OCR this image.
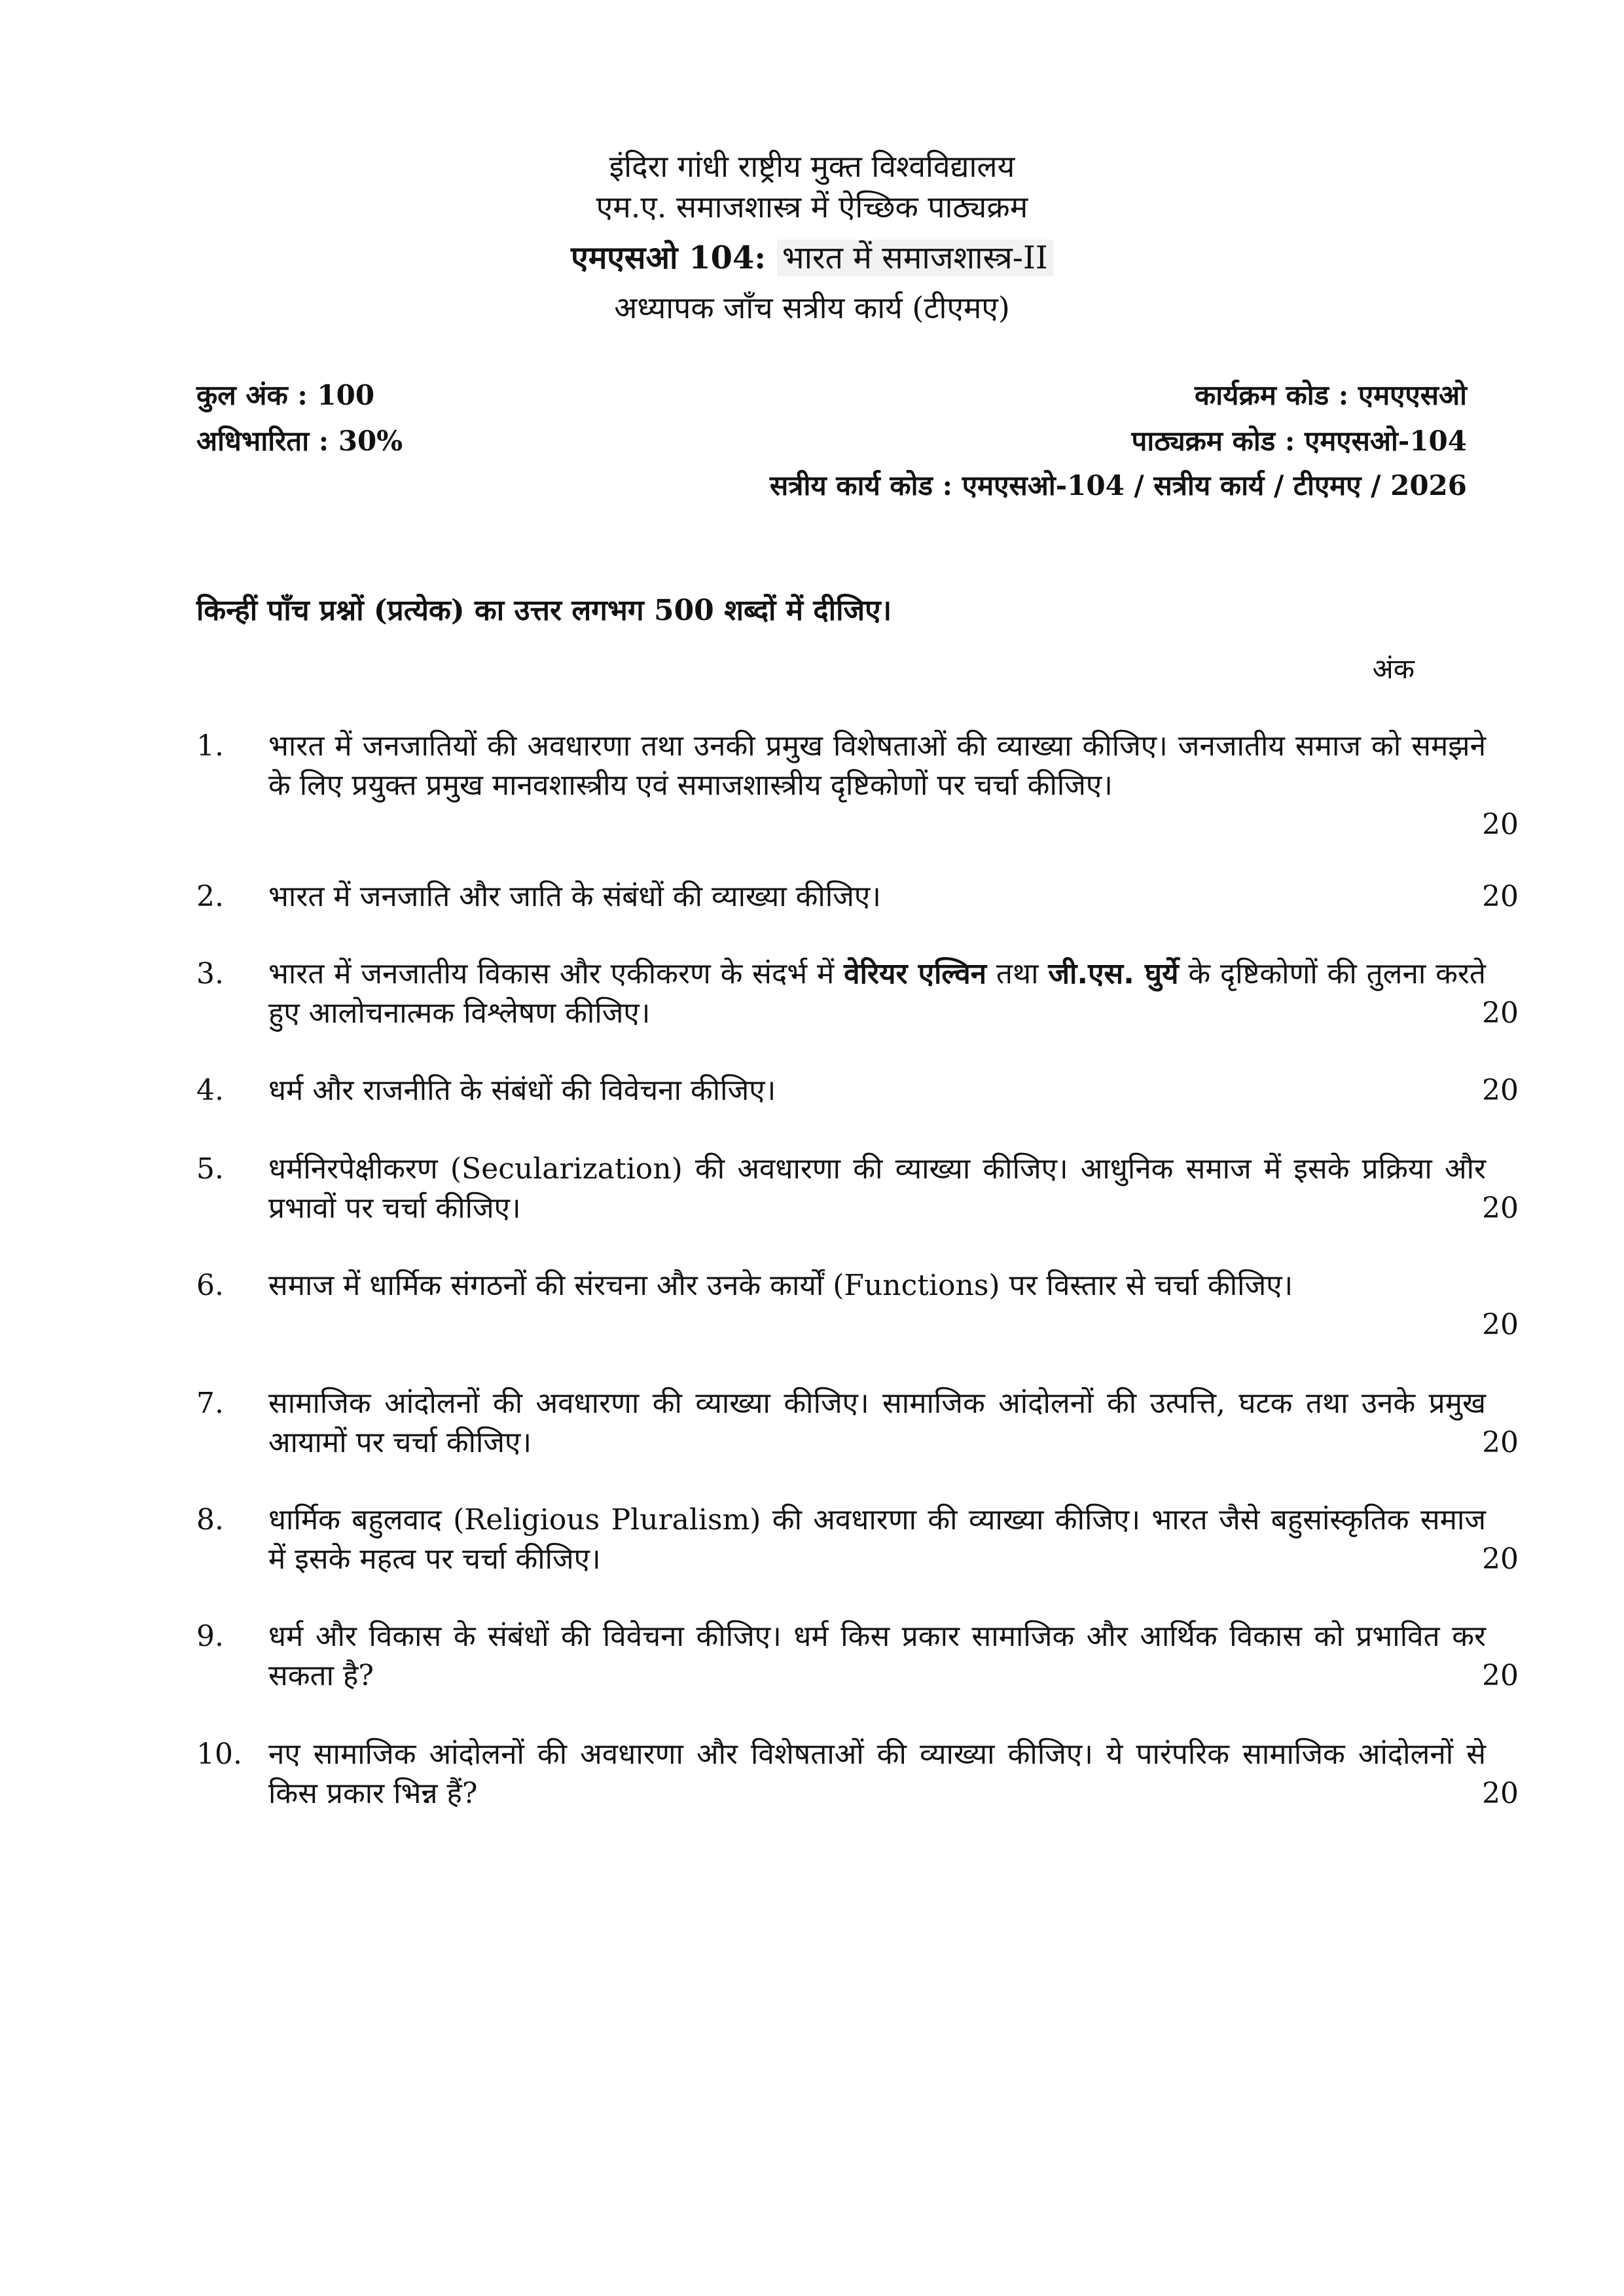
इंदिरा गांधी राष्ट्रीय मुक्त विश्वविद्यालय
एम.ए. समाजशास्त्र में ऐच्छिक पाठ्यक्रम
एमएसओ 104: भारत में समाजशास्त्र-II
अध्यापक जाँच सत्रीय कार्य (टीएमए)
कुल अंक : 100
अधिभारिता : 30%
कार्यक्रम कोड : एमएएसओ
पाठ्यक्रम कोड : एमएसओ-104
सत्रीय कार्य कोड : एमएसओ-104 / सत्रीय कार्य / टीएमए / 2026
किन्हीं पाँच प्रश्नों (प्रत्येक) का उत्तर लगभग 500 शब्दों में दीजिए।
अंक
1. भारत में जनजातियों की अवधारणा तथा उनकी प्रमुख विशेषताओं की व्याख्या कीजिए। जनजातीय समाज को समझने के लिए प्रयुक्त प्रमुख मानवशास्त्रीय एवं समाजशास्त्रीय दृष्टिकोणों पर चर्चा कीजिए।
20
2. भारत में जनजाति और जाति के संबंधों की व्याख्या कीजिए।	20
3. भारत में जनजातीय विकास और एकीकरण के संदर्भ में वेरियर एल्विन तथा जी.एस. घुर्ये के दृष्टिकोणों की तुलना करते हुए आलोचनात्मक विश्लेषण कीजिए।	20
4. धर्म और राजनीति के संबंधों की विवेचना कीजिए।	20
5. धर्मनिरपेक्षीकरण (Secularization) की अवधारणा की व्याख्या कीजिए। आधुनिक समाज में इसके प्रक्रिया और प्रभावों पर चर्चा कीजिए।	20
6. समाज में धार्मिक संगठनों की संरचना और उनके कार्यों (Functions) पर विस्तार से चर्चा कीजिए।
20
7. सामाजिक आंदोलनों की अवधारणा की व्याख्या कीजिए। सामाजिक आंदोलनों की उत्पत्ति, घटक तथा उनके प्रमुख आयामों पर चर्चा कीजिए।	20
8. धार्मिक बहुलवाद (Religious Pluralism) की अवधारणा की व्याख्या कीजिए। भारत जैसे बहुसांस्कृतिक समाज में इसके महत्व पर चर्चा कीजिए।	20
9. धर्म और विकास के संबंधों की विवेचना कीजिए। धर्म किस प्रकार सामाजिक और आर्थिक विकास को प्रभावित कर सकता है?	20
10. नए सामाजिक आंदोलनों की अवधारणा और विशेषताओं की व्याख्या कीजिए। ये पारंपरिक सामाजिक आंदोलनों से किस प्रकार भिन्न हैं?	20
